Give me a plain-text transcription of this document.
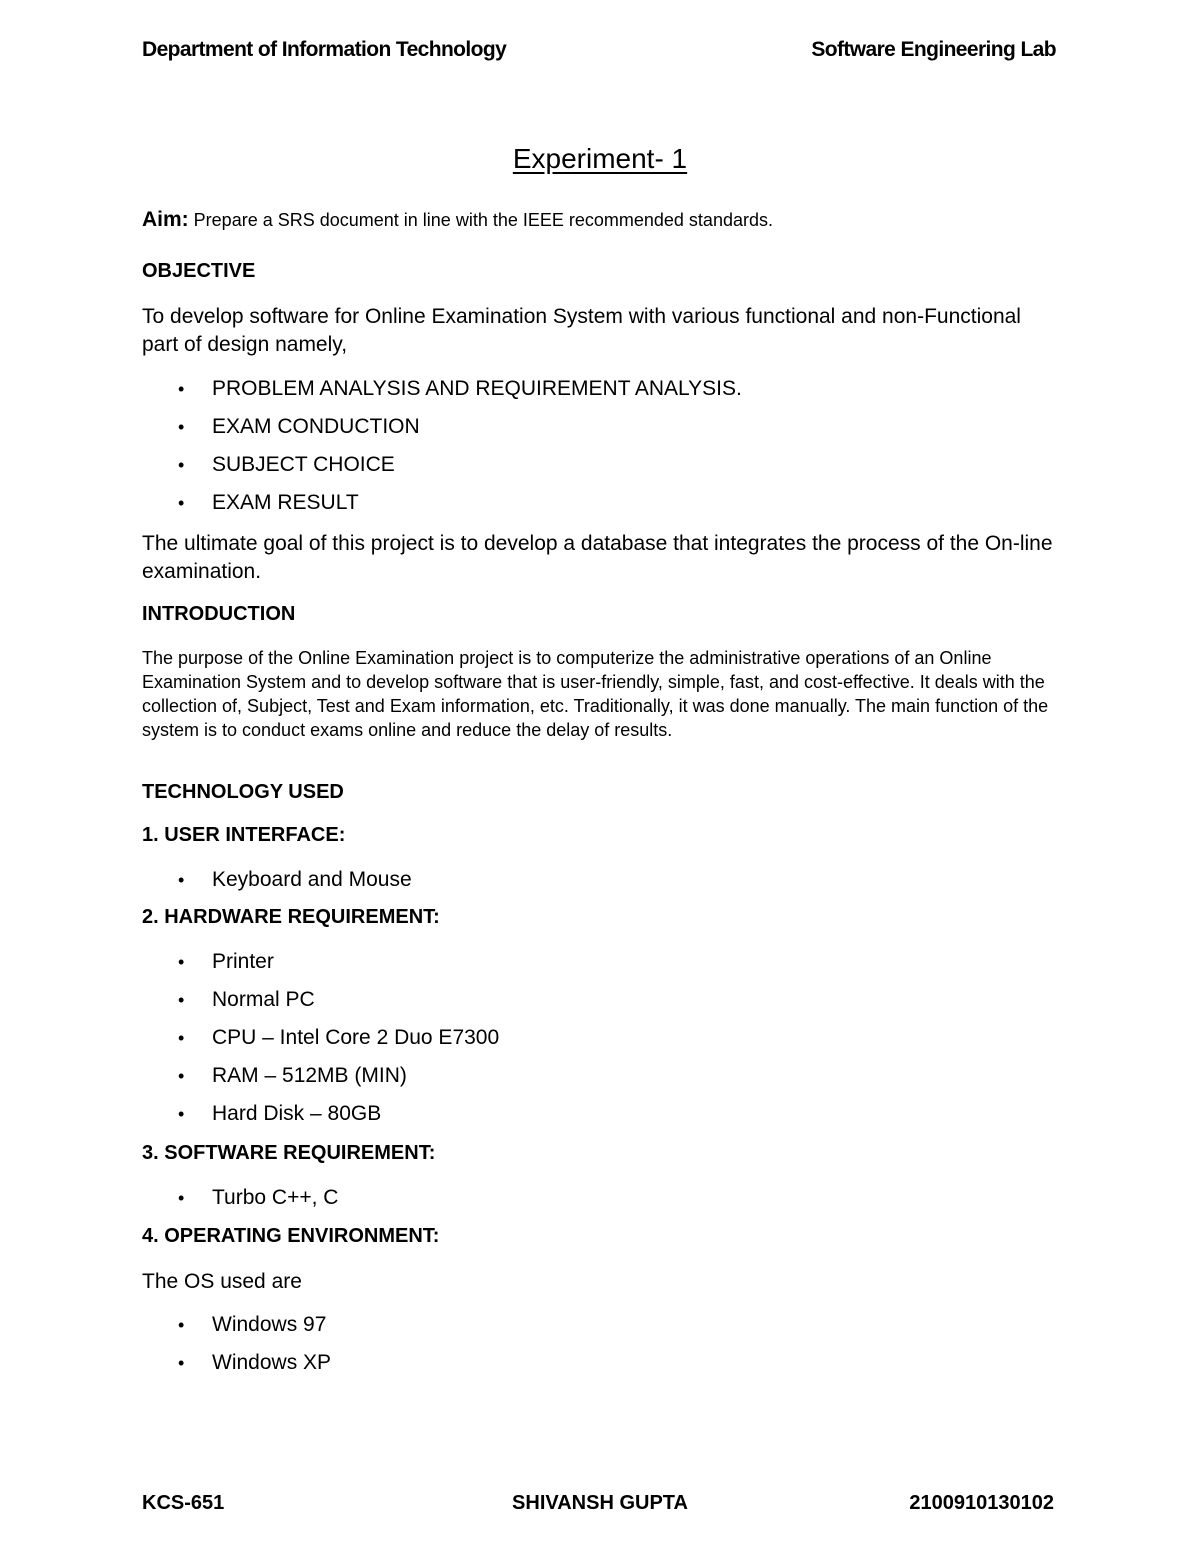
Department of Information Technology	Software Engineering Lab
Experiment- 1
Aim: Prepare a SRS document in line with the IEEE recommended standards.
OBJECTIVE
To develop software for Online Examination System with various functional and non-Functional part of design namely,
• PROBLEM ANALYSIS AND REQUIREMENT ANALYSIS.
• EXAM CONDUCTION
• SUBJECT CHOICE
• EXAM RESULT
The ultimate goal of this project is to develop a database that integrates the process of the On-line examination.
INTRODUCTION
The purpose of the Online Examination project is to computerize the administrative operations of an Online Examination System and to develop software that is user-friendly, simple, fast, and cost-effective. It deals with the collection of, Subject, Test and Exam information, etc. Traditionally, it was done manually. The main function of the system is to conduct exams online and reduce the delay of results.
TECHNOLOGY USED
1. USER INTERFACE:
• Keyboard and Mouse
2. HARDWARE REQUIREMENT:
• Printer
• Normal PC
• CPU – Intel Core 2 Duo E7300
• RAM – 512MB (MIN)
• Hard Disk – 80GB
3. SOFTWARE REQUIREMENT:
• Turbo C++, C
4. OPERATING ENVIRONMENT:
The OS used are
• Windows 97
• Windows XP
KCS-651	SHIVANSH GUPTA	2100910130102
